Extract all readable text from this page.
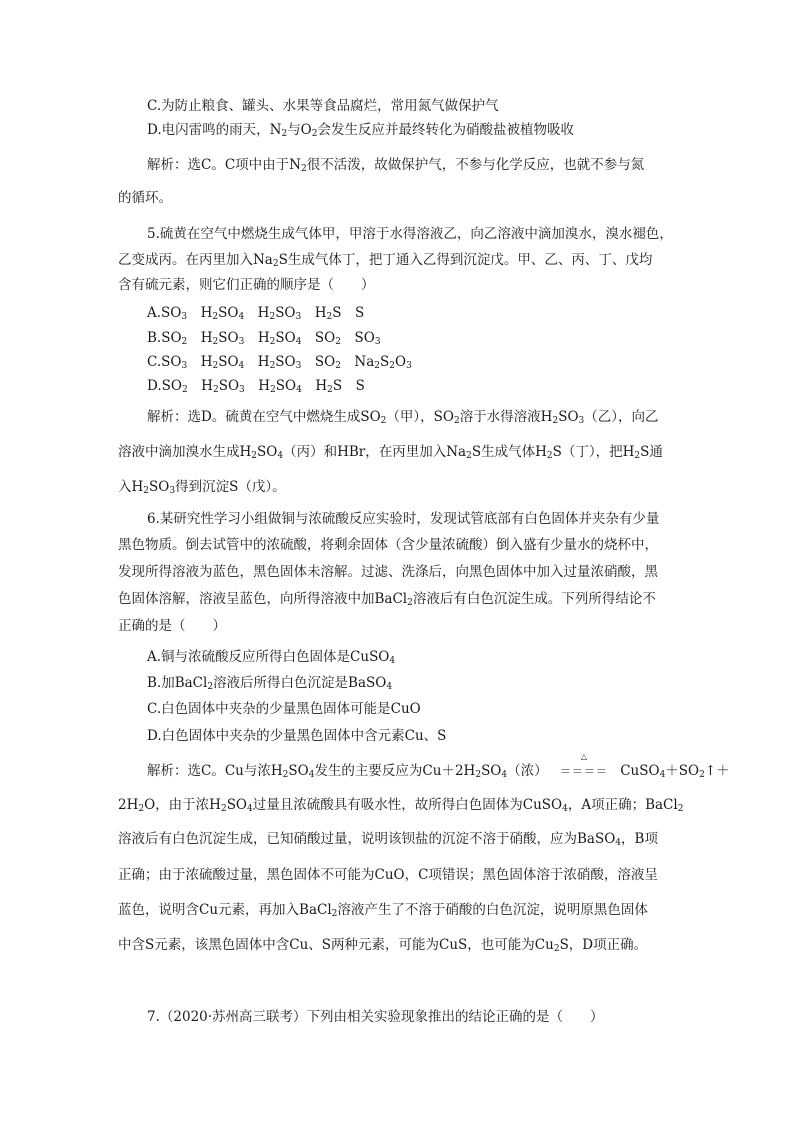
C.为防止粮食、罐头、水果等食品腐烂，常用氮气做保护气
D.电闪雷鸣的雨天，$N_2$与$O_2$会发生反应并最终转化为硝酸盐被植物吸收
解析：选C。C项中由于$N_2$很不活泼，故做保护气，不参与化学反应，也就不参与氮
的循环。
5.硫黄在空气中燃烧生成气体甲，甲溶于水得溶液乙，向乙溶液中滴加溴水，溴水褪色，
乙变成丙。在丙里加入$Na_2S$生成气体丁，把丁通入乙得到沉淀戊。甲、乙、丙、丁、戊均
含有硫元素，则它们正确的顺序是（　　）
$A.SO_3$　$H_2SO_4$　$H_2SO_3$　$H_2S$　S
$B.SO_2$　$H_2SO_3$　$H_2SO_4$　$SO_2$　$SO_3$
$C.SO_3$　$H_2SO_4$　$H_2SO_3$　$SO_2$　$Na_2S_2O_3$
$D.SO_2$　$H_2SO_3$　$H_2SO_4$　$H_2S$　S
解析：选D。硫黄在空气中燃烧生成$SO_2$（甲），$SO_2$溶于水得溶液$H_2SO_3$（乙），向乙
溶液中滴加溴水生成$H_2SO_4$（丙）和HBr，在丙里加入$Na_2S$生成气体$H_2S$（丁），把$H_2S$通
入$H_2SO_3$得到沉淀S（戊）。
6.某研究性学习小组做铜与浓硫酸反应实验时，发现试管底部有白色固体并夹杂有少量
黑色物质。倒去试管中的浓硫酸，将剩余固体（含少量浓硫酸）倒入盛有少量水的烧杯中，
发现所得溶液为蓝色，黑色固体未溶解。过滤、洗涤后，向黑色固体中加入过量浓硝酸，黑
色固体溶解，溶液呈蓝色，向所得溶液中加BaCl$_2$溶液后有白色沉淀生成。下列所得结论不
正确的是（　　）
A.铜与浓硫酸反应所得白色固体是CuSO$_4$
B.加BaCl$_2$溶液后所得白色沉淀是BaSO$_4$
C.白色固体中夹杂的少量黑色固体可能是CuO
D.白色固体中夹杂的少量黑色固体中含元素Cu、S
解析：选C。Cu与浓$H_2SO_4$发生的主要反应为$Cu+2H_2SO_4$（浓）
△
＝＝＝＝ $CuSO_4+SO_2↑+$
$2H_2O$，由于浓$H_2SO_4$过量且浓硫酸具有吸水性，故所得白色固体为CuSO$_4$，A项正确；BaCl$_2$
溶液后有白色沉淀生成，已知硝酸过量，说明该钡盐的沉淀不溶于硝酸，应为BaSO$_4$，B项
正确；由于浓硫酸过量，黑色固体不可能为CuO，C项错误；黑色固体溶于浓硝酸，溶液呈
蓝色，说明含Cu元素，再加入BaCl$_2$溶液产生了不溶于硝酸的白色沉淀，说明原黑色固体
中含S元素，该黑色固体中含Cu、S两种元素，可能为CuS，也可能为$Cu_2S$，D项正确。
7.（2020·苏州高三联考）下列由相关实验现象推出的结论正确的是（　　）
